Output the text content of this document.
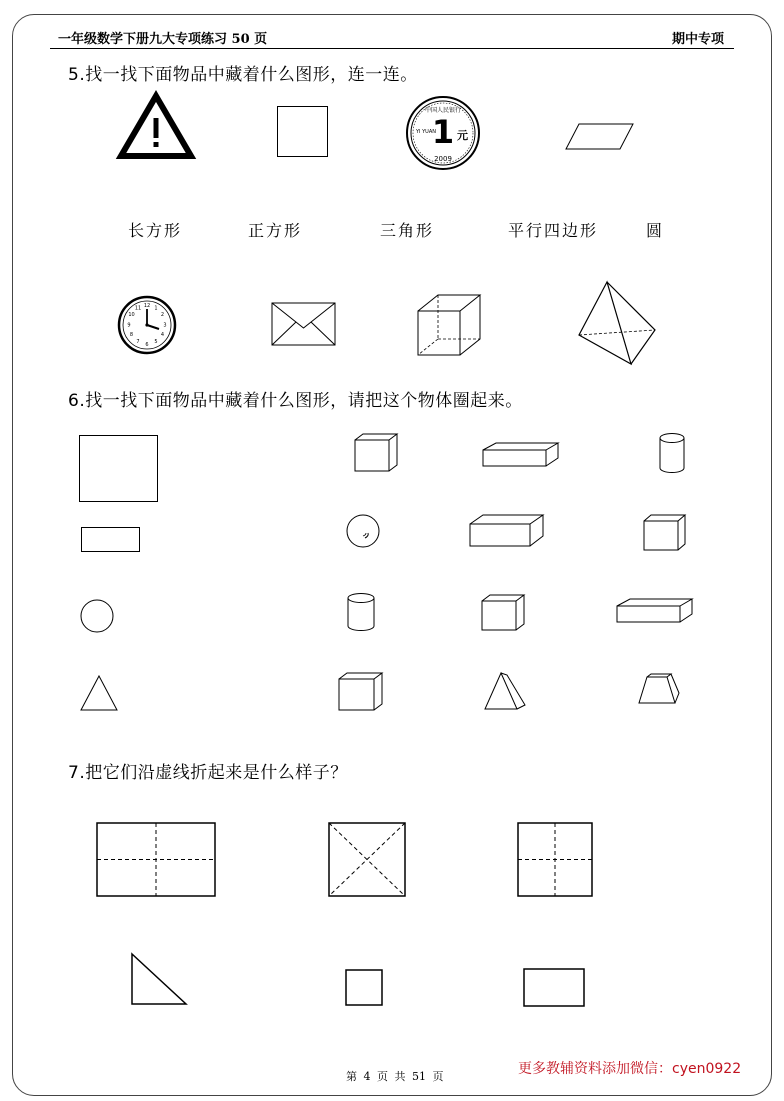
一年级数学下册九大专项练习 50 页	期中专项
5.找一找下面物品中藏着什么图形，连一连。
1 元
中国人民银行
YI YUAN
2009
长方形	正方形	三角形	平行四边形	圆
12 1
2
3
4
5
6
7
8
9
10
11
6.找一找下面物品中藏着什么图形，请把这个物体圈起来。
7.把它们沿虚线折起来是什么样子？
第 4 页 共 51 页	更多教辅资料添加微信：cyen0922
